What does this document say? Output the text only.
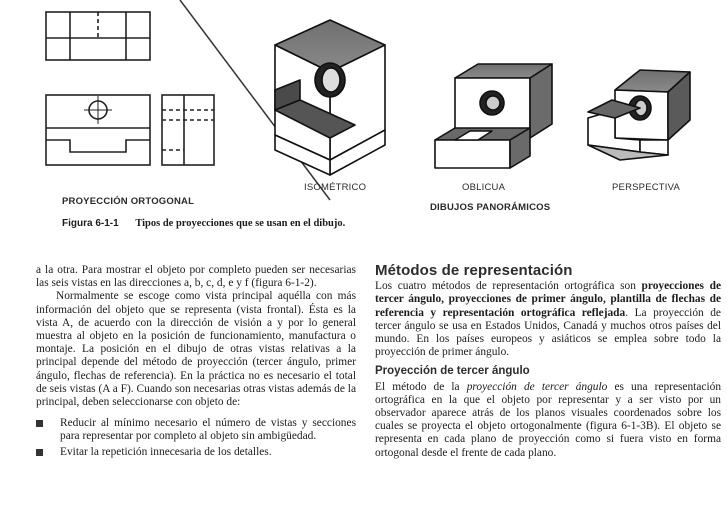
PROYECCIÓN ORTOGONAL
ISOMÉTRICO	OBLICUA	PERSPECTIVA
DIBUJOS PANORÁMICOS
Figura 6-1-1 Tipos de proyecciones que se usan en el dibujo.

a la otra. Para mostrar el objeto por completo pueden ser necesarias las seis vistas en las direcciones a, b, c, d, e y f (figura 6-1-2).

Normalmente se escoge como vista principal aquélla con más información del objeto que se representa (vista frontal). Ésta es la vista A, de acuerdo con la dirección de visión a y por lo general muestra al objeto en la posición de funcionamiento, manufactura o montaje. La posición en el dibujo de otras vistas relativas a la principal depende del método de proyección (tercer ángulo, primer ángulo, flechas de referencia). En la práctica no es necesario el total de seis vistas (A a F). Cuando son necesarias otras vistas además de la principal, deben seleccionarse con objeto de:

Reducir al mínimo necesario el número de vistas y secciones para representar por completo al objeto sin ambigüedad.
Evitar la repetición innecesaria de los detalles.
Métodos de representación

Los cuatro métodos de representación ortográfica son proyecciones de tercer ángulo, proyecciones de primer ángulo, plantilla de flechas de referencia y representación ortográfica reflejada. La proyección de tercer ángulo se usa en Estados Unidos, Canadá y muchos otros países del mundo. En los países europeos y asiáticos se emplea sobre todo la proyección de primer ángulo.

Proyección de tercer ángulo

El método de la proyección de tercer ángulo es una representación ortográfica en la que el objeto por representar y a ser visto por un observador aparece atrás de los planos visuales coordenados sobre los cuales se proyecta el objeto ortogonalmente (figura 6-1-3B). El objeto se representa en cada plano de proyección como si fuera visto en forma ortogonal desde el frente de cada plano.
